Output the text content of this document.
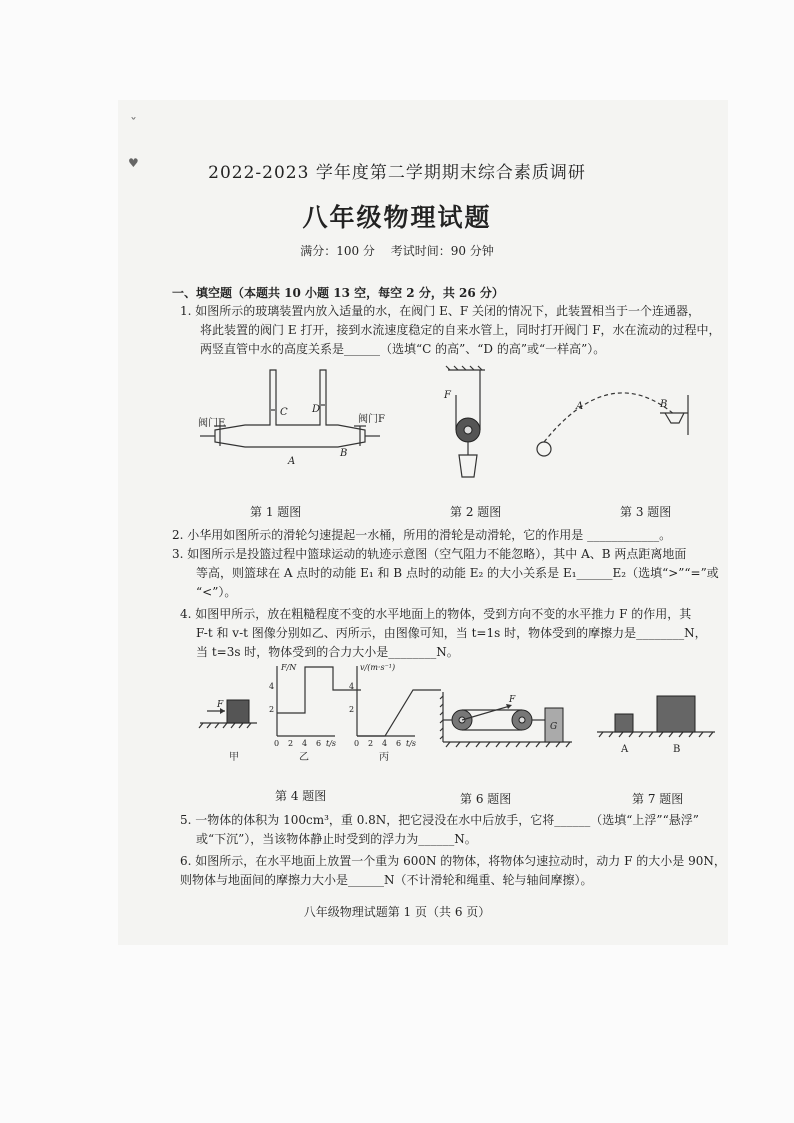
ˇ
♥	2022-2023 学年度第二学期期末综合素质调研
八年级物理试题
满分：100 分　 考试时间：90 分钟
一、填空题（本题共 10 小题 13 空，每空 2 分，共 26 分）
1. 如图所示的玻璃装置内放入适量的水，在阀门 E、F 关闭的情况下，此装置相当于一个连通器，
将此装置的阀门 E 打开，接到水流速度稳定的自来水管上，同时打开阀门 F，水在流动的过程中，
两竖直管中水的高度关系是______（选填“C 的高”、“D 的高”或“一样高”）。
阀门E	阀门F
C D
A
B
F
A	B
第 1 题图	第 2 题图	第 3 题图
2. 小华用如图所示的滑轮匀速提起一水桶，所用的滑轮是动滑轮，它的作用是 ____________。
3. 如图所示是投篮过程中篮球运动的轨迹示意图（空气阻力不能忽略），其中 A、B 两点距离地面
等高，则篮球在 A 点时的动能 E₁ 和 B 点时的动能 E₂ 的大小关系是 E₁______E₂（选填“>”“=”或
“<”）。
4. 如图甲所示，放在粗糙程度不变的水平地面上的物体，受到方向不变的水平推力 F 的作用，其
F-t 和 v-t 图像分别如乙、丙所示，由图像可知，当 t=1s 时，物体受到的摩擦力是________N，
当 t=3s 时，物体受到的合力大小是________N。
F
甲
F/N
4
2
0 2 4 6 t/s
乙
v/(m·s⁻¹)
4
2
0 2 4 6 t/s
丙
F
G
A	B
第 4 题图	第 6 题图	第 7 题图
5. 一物体的体积为 100cm³，重 0.8N，把它浸没在水中后放手，它将______（选填“上浮”“悬浮”
或“下沉”），当该物体静止时受到的浮力为______N。
6. 如图所示，在水平地面上放置一个重为 600N 的物体，将物体匀速拉动时，动力 F 的大小是 90N，
则物体与地面间的摩擦力大小是______N（不计滑轮和绳重、轮与轴间摩擦）。
八年级物理试题第 1 页（共 6 页）
